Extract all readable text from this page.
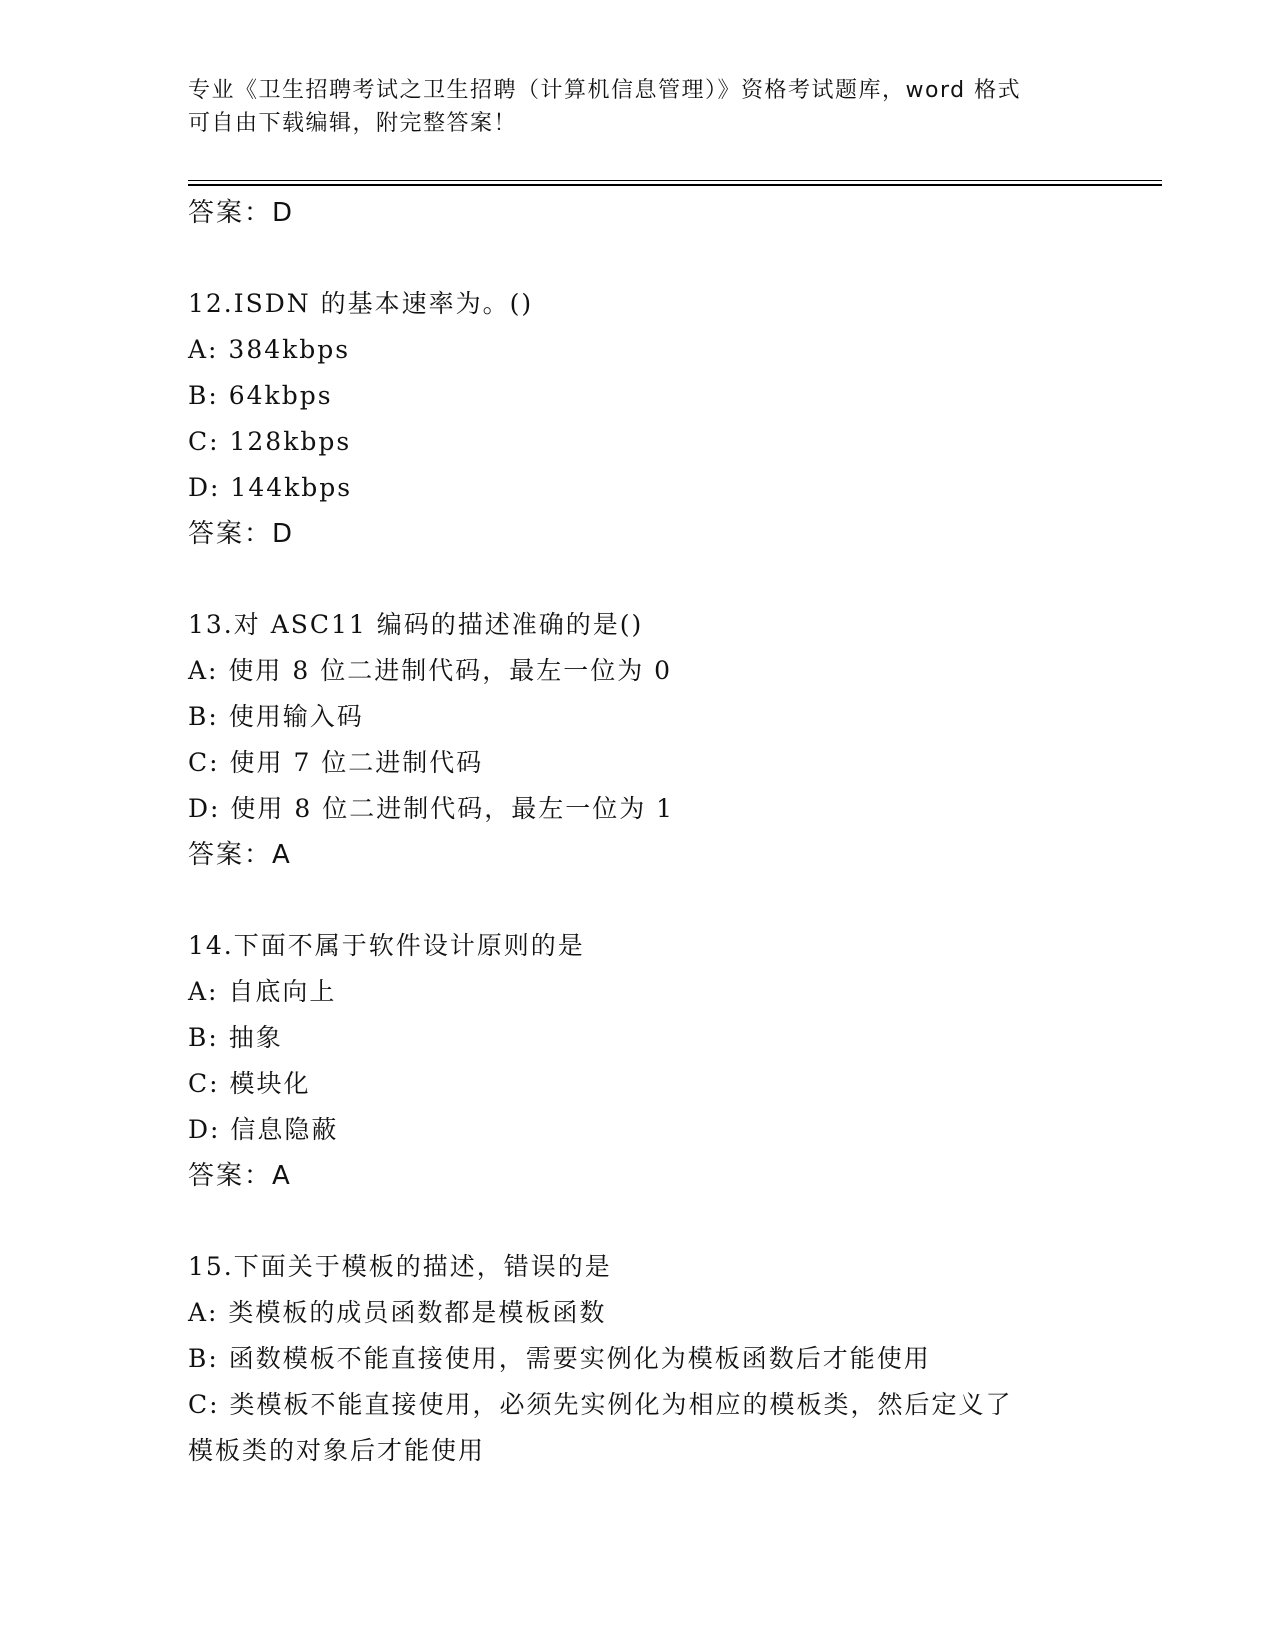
专业《卫生招聘考试之卫生招聘（计算机信息管理）》资格考试题库，word 格式
可自由下载编辑，附完整答案！
答案：D
12.ISDN 的基本速率为。()
A: 384kbps
B: 64kbps
C: 128kbps
D: 144kbps
答案：D
13.对 ASC11 编码的描述准确的是()
A: 使用 8 位二进制代码，最左一位为 0
B: 使用输入码
C: 使用 7 位二进制代码
D: 使用 8 位二进制代码，最左一位为 1
答案：A
14.下面不属于软件设计原则的是
A: 自底向上
B: 抽象
C: 模块化
D: 信息隐蔽
答案：A
15.下面关于模板的描述，错误的是
A: 类模板的成员函数都是模板函数
B: 函数模板不能直接使用，需要实例化为模板函数后才能使用
C: 类模板不能直接使用，必须先实例化为相应的模板类，然后定义了
模板类的对象后才能使用
